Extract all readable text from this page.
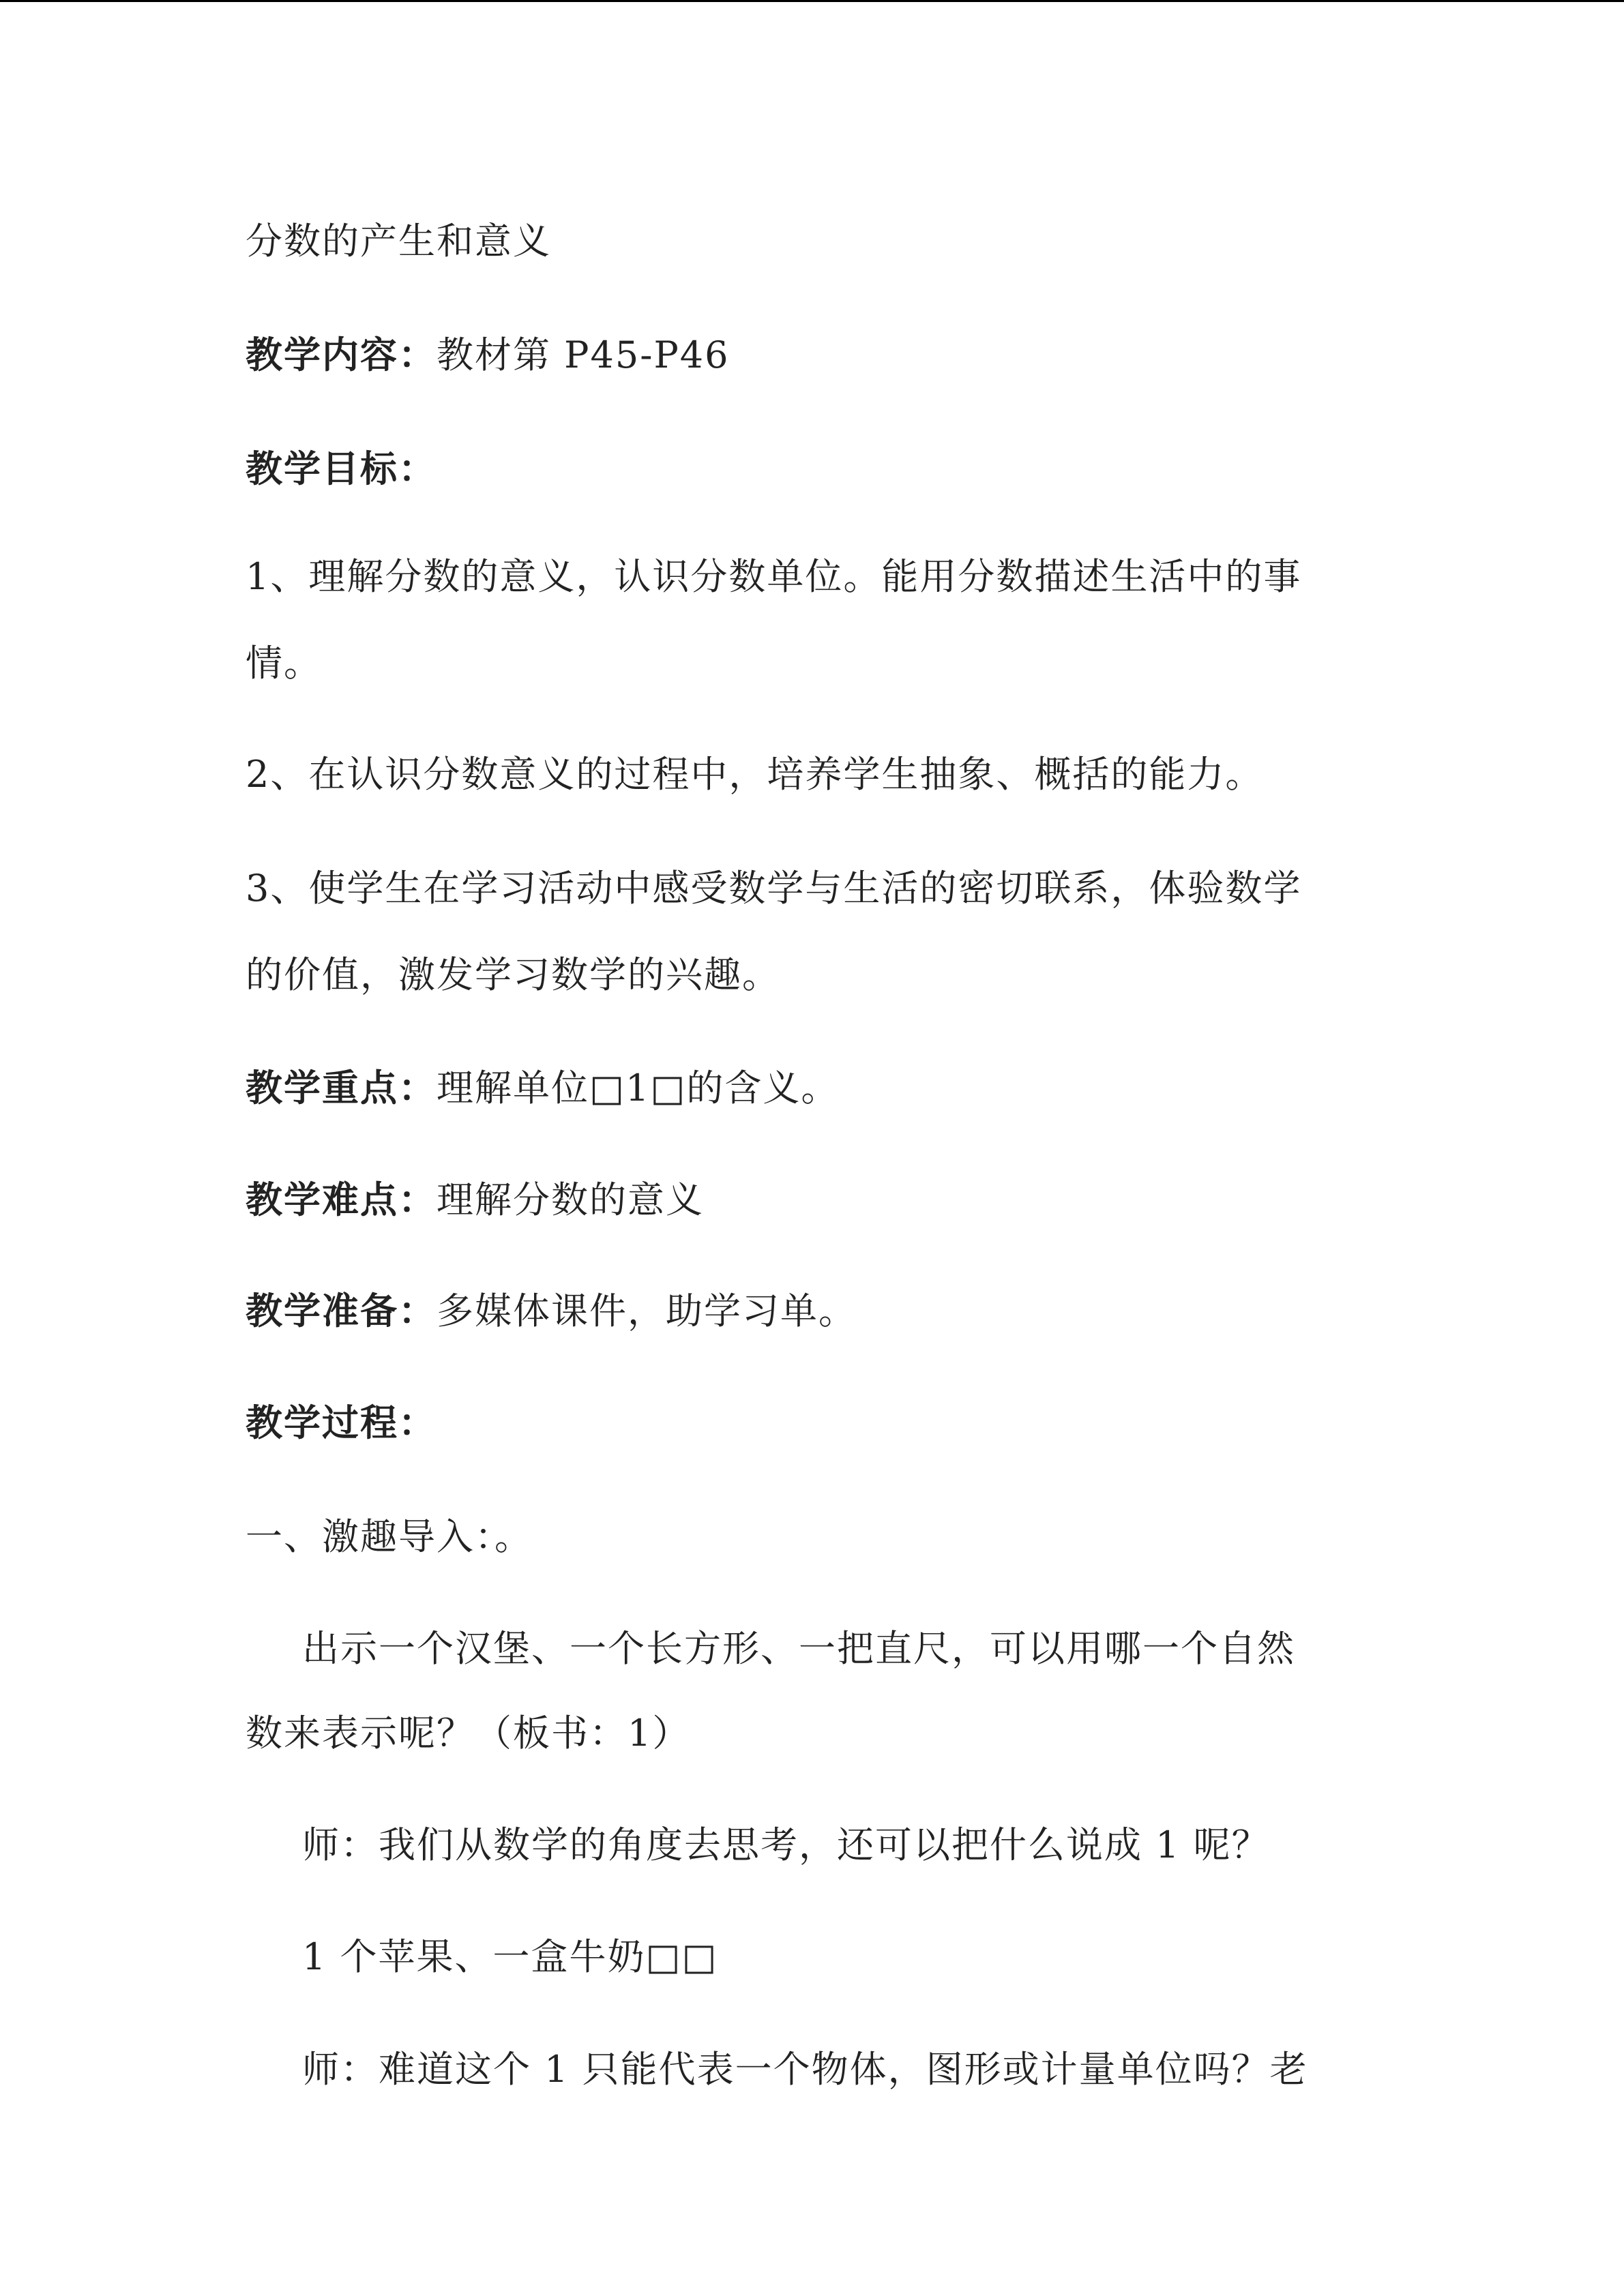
分数的产生和意义
教学内容：教材第 P45-P46
教学目标：
1、理解分数的意义，认识分数单位。能用分数描述生活中的事
情。
2、在认识分数意义的过程中，培养学生抽象、概括的能力。
3、使学生在学习活动中感受数学与生活的密切联系，体验数学
的价值，激发学习数学的兴趣。
教学重点：理解单位□1□的含义。
教学难点：理解分数的意义
教学准备：多媒体课件，助学习单。
教学过程：
一、激趣导入：。
出示一个汉堡、一个长方形、一把直尺，可以用哪一个自然
数来表示呢？（板书：1）
师：我们从数学的角度去思考，还可以把什么说成 1 呢？
1 个苹果、一盒牛奶□□
师：难道这个 1 只能代表一个物体，图形或计量单位吗？老
